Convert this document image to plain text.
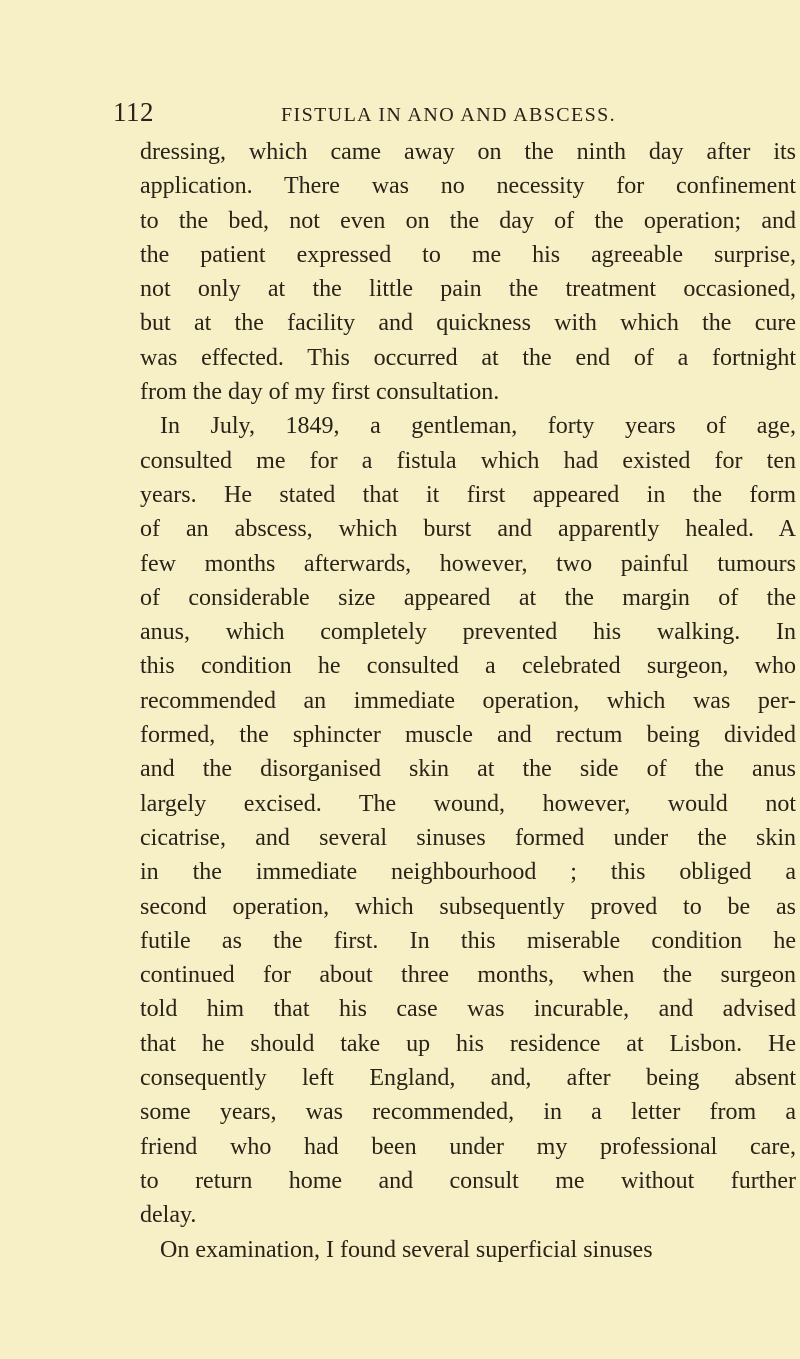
112	FISTULA IN ANO AND ABSCESS.
dressing, which came away on the ninth day after its
application. There was no necessity for confinement
to the bed, not even on the day of the operation; and
the patient expressed to me his agreeable surprise,
not only at the little pain the treatment occasioned,
but at the facility and quickness with which the cure
was effected. This occurred at the end of a fortnight
from the day of my first consultation.
In July, 1849, a gentleman, forty years of age,
consulted me for a fistula which had existed for ten
years. He stated that it first appeared in the form
of an abscess, which burst and apparently healed. A
few months afterwards, however, two painful tumours
of considerable size appeared at the margin of the
anus, which completely prevented his walking. In
this condition he consulted a celebrated surgeon, who
recommended an immediate operation, which was per-
formed, the sphincter muscle and rectum being divided
and the disorganised skin at the side of the anus
largely excised. The wound, however, would not
cicatrise, and several sinuses formed under the skin
in the immediate neighbourhood ; this obliged a
second operation, which subsequently proved to be as
futile as the first. In this miserable condition he
continued for about three months, when the surgeon
told him that his case was incurable, and advised
that he should take up his residence at Lisbon. He
consequently left England, and, after being absent
some years, was recommended, in a letter from a
friend who had been under my professional care,
to return home and consult me without further
delay.
On examination, I found several superficial sinuses
